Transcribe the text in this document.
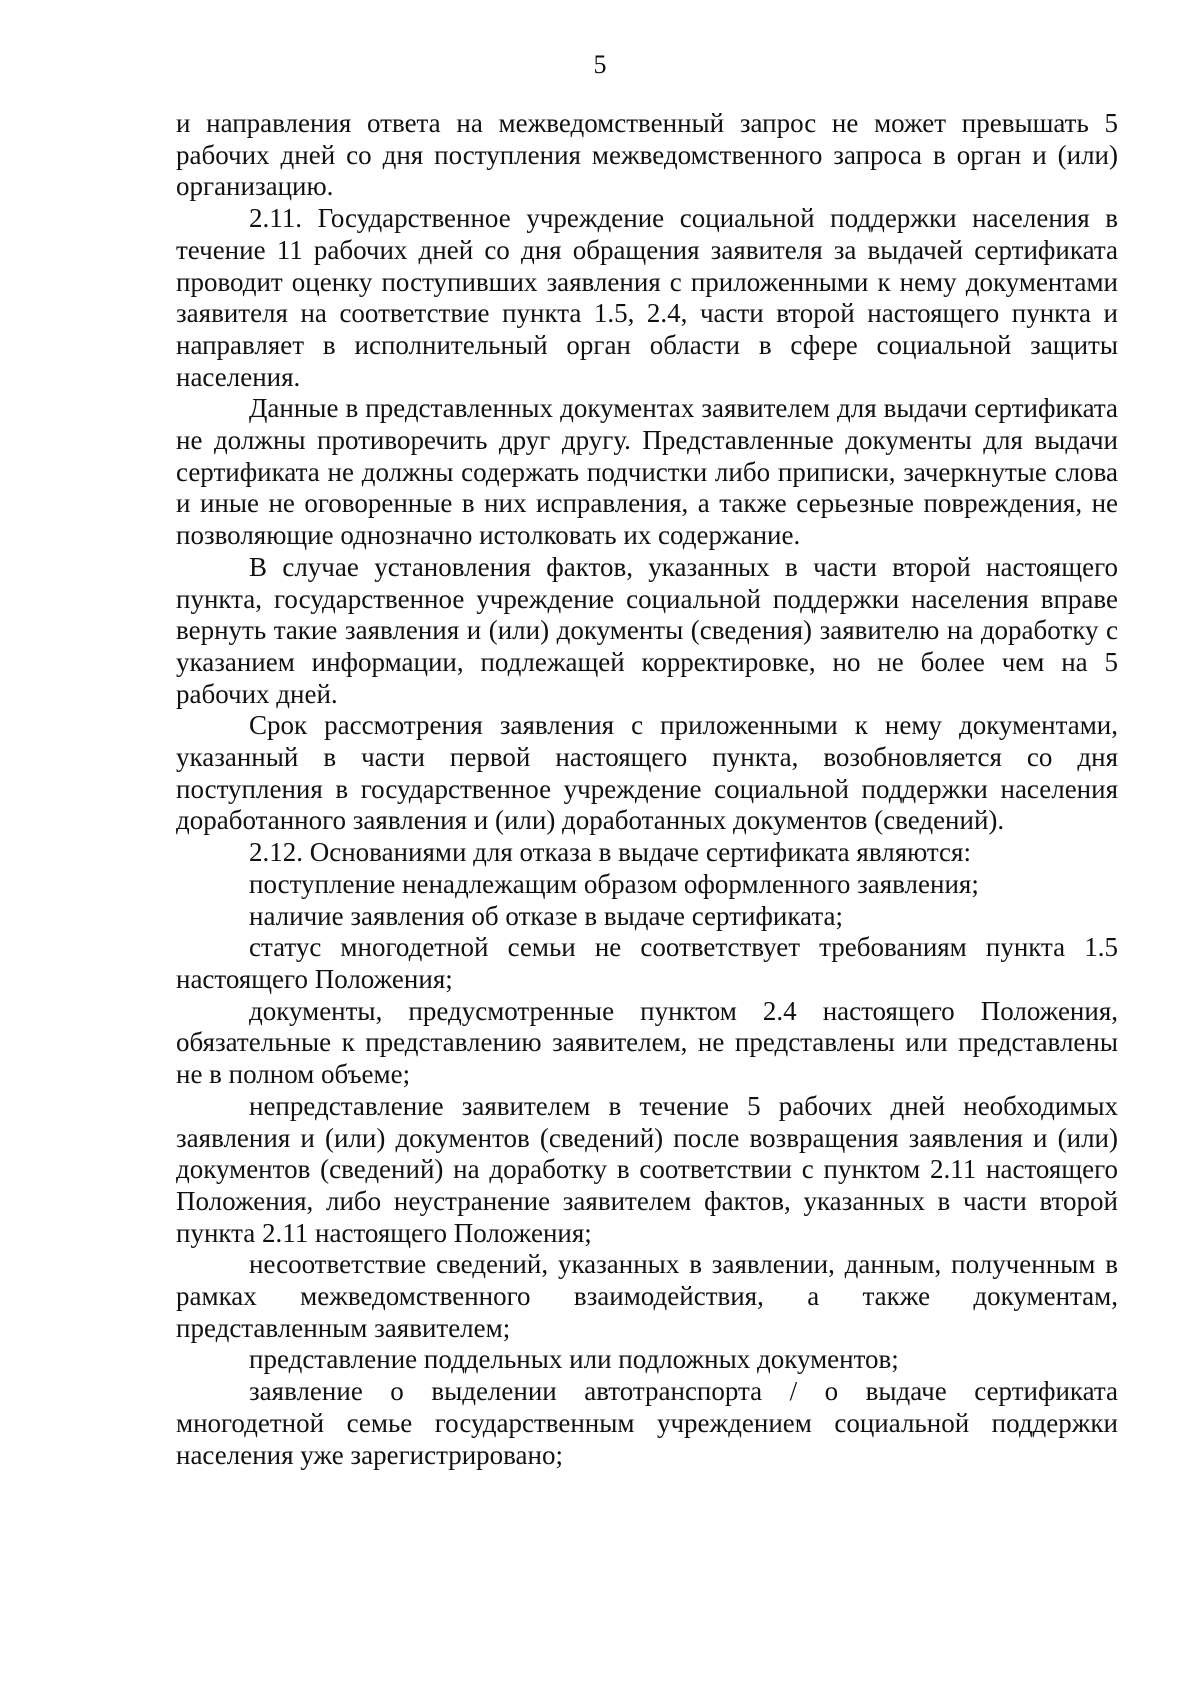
5

и направления ответа на межведомственный запрос не может превышать 5 рабочих дней со дня поступления межведомственного запроса в орган и (или) организацию.

2.11. Государственное учреждение социальной поддержки населения в течение 11 рабочих дней со дня обращения заявителя за выдачей сертификата проводит оценку поступивших заявления с приложенными к нему документами заявителя на соответствие пункта 1.5, 2.4, части второй настоящего пункта и направляет в исполнительный орган области в сфере социальной защиты населения.

Данные в представленных документах заявителем для выдачи сертификата не должны противоречить друг другу. Представленные документы для выдачи сертификата не должны содержать подчистки либо приписки, зачеркнутые слова и иные не оговоренные в них исправления, а также серьезные повреждения, не позволяющие однозначно истолковать их содержание.

В случае установления фактов, указанных в части второй настоящего пункта, государственное учреждение социальной поддержки населения вправе вернуть такие заявления и (или) документы (сведения) заявителю на доработку с указанием информации, подлежащей корректировке, но не более чем на 5 рабочих дней.

Срок рассмотрения заявления с приложенными к нему документами, указанный в части первой настоящего пункта, возобновляется со дня поступления в государственное учреждение социальной поддержки населения доработанного заявления и (или) доработанных документов (сведений).

2.12. Основаниями для отказа в выдаче сертификата являются:

поступление ненадлежащим образом оформленного заявления;

наличие заявления об отказе в выдаче сертификата;

статус многодетной семьи не соответствует требованиям пункта 1.5 настоящего Положения;

документы, предусмотренные пунктом 2.4 настоящего Положения, обязательные к представлению заявителем, не представлены или представлены не в полном объеме;

непредставление заявителем в течение 5 рабочих дней необходимых заявления и (или) документов (сведений) после возвращения заявления и (или) документов (сведений) на доработку в соответствии с пунктом 2.11 настоящего Положения, либо неустранение заявителем фактов, указанных в части второй пункта 2.11 настоящего Положения;

несоответствие сведений, указанных в заявлении, данным, полученным в рамках межведомственного взаимодействия, а также документам, представленным заявителем;

представление поддельных или подложных документов;

заявление о выделении автотранспорта / о выдаче сертификата многодетной семье государственным учреждением социальной поддержки населения уже зарегистрировано;
